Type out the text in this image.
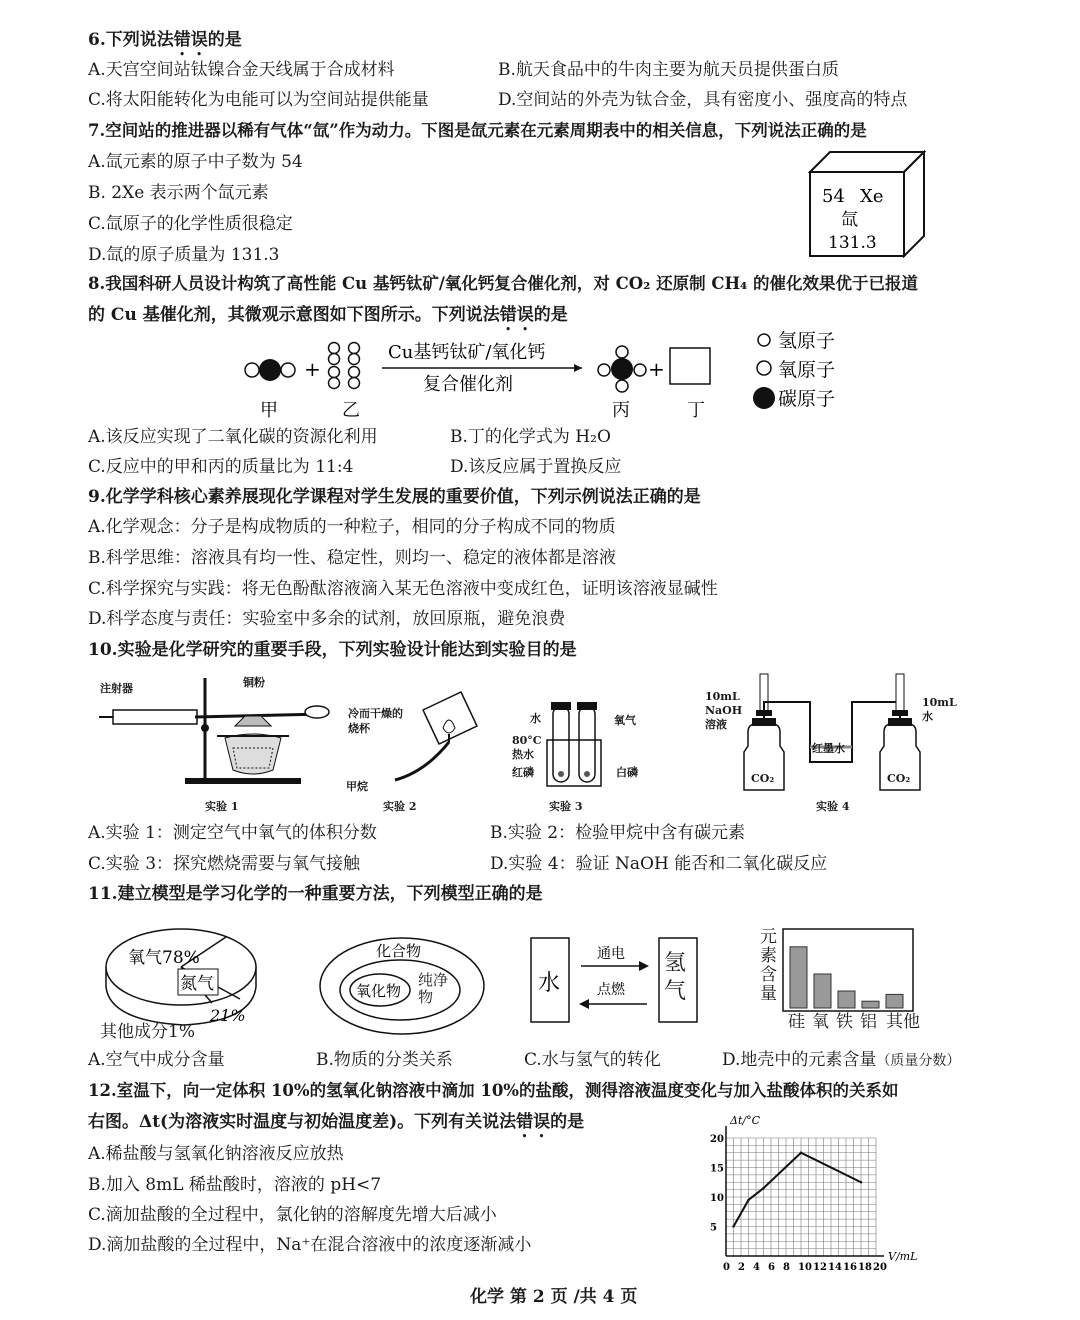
6.下列说法错误的是
A.天宫空间站钛镍合金天线属于合成材料	B.航天食品中的牛肉主要为航天员提供蛋白质
C.将太阳能转化为电能可以为空间站提供能量	D.空间站的外壳为钛合金，具有密度小、强度高的特点
7.空间站的推进器以稀有气体“氙”作为动力。下图是氙元素在元素周期表中的相关信息，下列说法正确的是
A.氙元素的原子中子数为 54
B. 2Xe 表示两个氙元素
C.氙原子的化学性质很稳定
D.氙的原子质量为 131.3
54 Xe
氙
131.3
8.我国科研人员设计构筑了高性能 Cu 基钙钛矿/氧化钙复合催化剂，对 CO₂ 还原制 CH₄ 的催化效果优于已报道
的 Cu 基催化剂，其微观示意图如下图所示。下列说法错误的是
+
Cu基钙钛矿/氧化钙
复合催化剂
+
甲	乙	丙	丁
氢原子
氧原子
碳原子
A.该反应实现了二氧化碳的资源化利用	B.丁的化学式为 H₂O
C.反应中的甲和丙的质量比为 11:4	D.该反应属于置换反应
9.化学学科核心素养展现化学课程对学生发展的重要价值，下列示例说法正确的是
A.化学观念：分子是构成物质的一种粒子，相同的分子构成不同的物质
B.科学思维：溶液具有均一性、稳定性，则均一、稳定的液体都是溶液
C.科学探究与实践：将无色酚酞溶液滴入某无色溶液中变成红色，证明该溶液显碱性
D.科学态度与责任：实验室中多余的试剂，放回原瓶，避免浪费
10.实验是化学研究的重要手段，下列实验设计能达到实验目的是
注射器	铜粉
实验 1
冷而干燥的
烧杯
甲烷
实验 2
水	氧气
80°C
热水
红磷	白磷
实验 3
10mL
NaOH
溶液
10mL
水
红墨水
CO₂	CO₂
实验 4
A.实验 1：测定空气中氧气的体积分数	B.实验 2：检验甲烷中含有碳元素
C.实验 3：探究燃烧需要与氧气接触	D.实验 4：验证 NaOH 能否和二氧化碳反应
11.建立模型是学习化学的一种重要方法，下列模型正确的是
氧气78%
氮气
21%
其他成分1%
化合物
氧化物
纯净
物
水
通电
点燃
氢
气
元
素
含
量
硅 氧 铁 铝 其他
A.空气中成分含量	B.物质的分类关系	C.水与氢气的转化	D.地壳中的元素含量（质量分数）
12.室温下，向一定体积 10%的氢氧化钠溶液中滴加 10%的盐酸，测得溶液温度变化与加入盐酸体积的关系如
右图。Δt(为溶液实时温度与初始温度差)。下列有关说法错误的是
A.稀盐酸与氢氧化钠溶液反应放热
B.加入 8mL 稀盐酸时，溶液的 pH<7
C.滴加盐酸的全过程中，氯化钠的溶解度先增大后减小
D.滴加盐酸的全过程中，Na⁺在混合溶液中的浓度逐渐减小
0 2 4 6 8 10 12 14 16 18 20
5
10
15
20
V/mL
Δt/°C
化学 第 2 页 /共 4 页
